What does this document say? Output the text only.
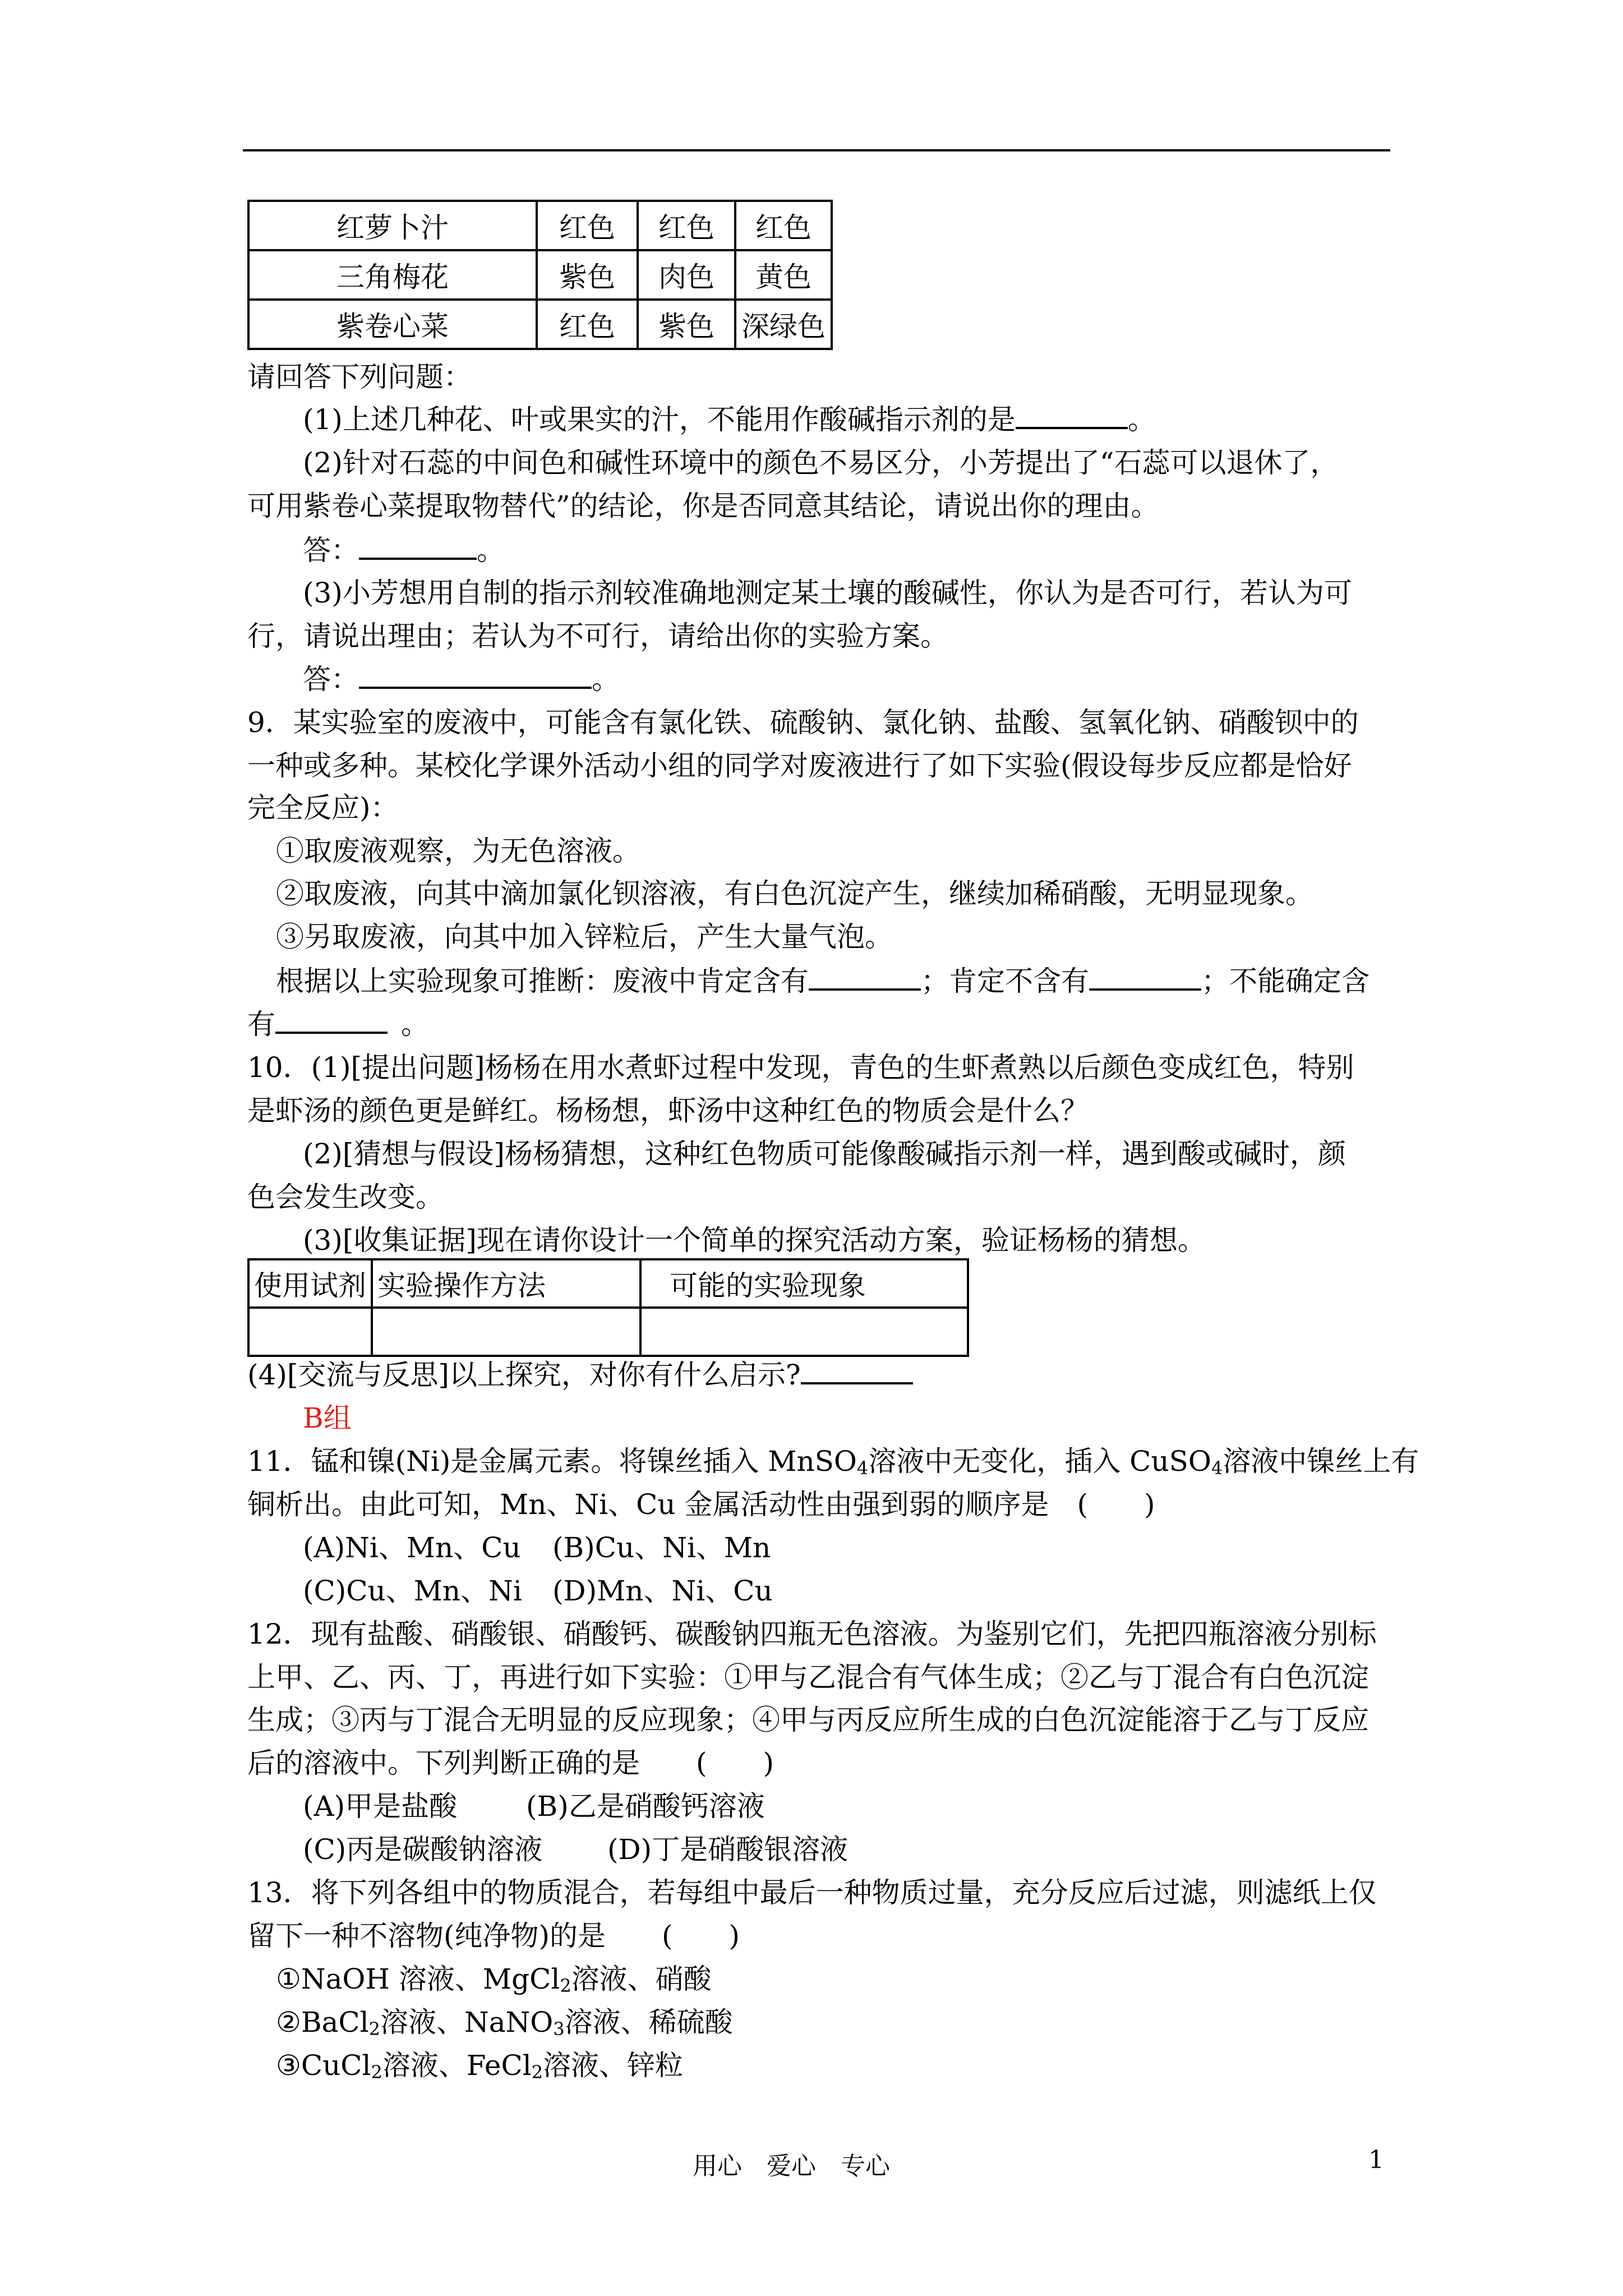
红萝卜汁	红色	红色	红色
三角梅花	紫色	肉色	黄色
紫卷心菜	红色	紫色	深绿色
请回答下列问题：
(1)上述几种花、叶或果实的汁，不能用作酸碱指示剂的是	。
(2)针对石蕊的中间色和碱性环境中的颜色不易区分，小芳提出了“石蕊可以退休了，
可用紫卷心菜提取物替代”的结论，你是否同意其结论，请说出你的理由。
答：	。
(3)小芳想用自制的指示剂较准确地测定某土壤的酸碱性，你认为是否可行，若认为可
行，请说出理由；若认为不可行，请给出你的实验方案。
答：	。
9．某实验室的废液中，可能含有氯化铁、硫酸钠、氯化钠、盐酸、氢氧化钠、硝酸钡中的
一种或多种。某校化学课外活动小组的同学对废液进行了如下实验(假设每步反应都是恰好
完全反应)：
①取废液观察，为无色溶液。
②取废液，向其中滴加氯化钡溶液，有白色沉淀产生，继续加稀硝酸，无明显现象。
③另取废液，向其中加入锌粒后，产生大量气泡。
根据以上实验现象可推断：废液中肯定含有	；肯定不含有	；不能确定含
有	。
10．(1)[提出问题]杨杨在用水煮虾过程中发现，青色的生虾煮熟以后颜色变成红色，特别
是虾汤的颜色更是鲜红。杨杨想，虾汤中这种红色的物质会是什么？
(2)[猜想与假设]杨杨猜想，这种红色物质可能像酸碱指示剂一样，遇到酸或碱时，颜
色会发生改变。
(3)[收集证据]现在请你设计一个简单的探究活动方案，验证杨杨的猜想。
使用试剂	实验操作方法	可能的实验现象

(4)[交流与反思]以上探究，对你有什么启示?
B组
11．锰和镍(Ni)是金属元素。将镍丝插入 MnSO$_4$溶液中无变化，插入 CuSO$_4$溶液中镍丝上有
铜析出。由此可知，Mn、Ni、Cu 金属活动性由强到弱的顺序是　(　　)
(A)Ni、Mn、Cu (B)Cu、Ni、Mn
(C)Cu、Mn、Ni (D)Mn、Ni、Cu
12．现有盐酸、硝酸银、硝酸钙、碳酸钠四瓶无色溶液。为鉴别它们，先把四瓶溶液分别标
上甲、乙、丙、丁，再进行如下实验：①甲与乙混合有气体生成；②乙与丁混合有白色沉淀
生成；③丙与丁混合无明显的反应现象；④甲与丙反应所生成的白色沉淀能溶于乙与丁反应
后的溶液中。下列判断正确的是　　(　　)
(A)甲是盐酸 (B)乙是硝酸钙溶液
(C)丙是碳酸钠溶液 (D)丁是硝酸银溶液
13．将下列各组中的物质混合，若每组中最后一种物质过量，充分反应后过滤，则滤纸上仅
留下一种不溶物(纯净物)的是　　(　　)
①NaOH 溶液、MgCl$_2$溶液、硝酸
②BaCl$_2$溶液、NaNO$_3$溶液、稀硫酸
③CuCl$_2$溶液、FeCl$_2$溶液、锌粒
用心　爱心　专心	1
